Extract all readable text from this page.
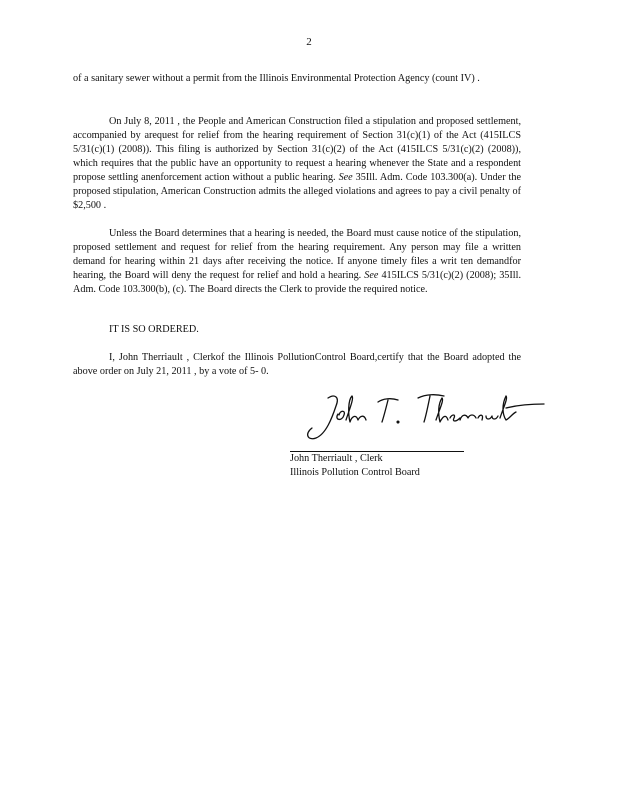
2

of a sanitary sewer without a permit from the Illinois Environmental Protection Agency (count IV) .

On July 8, 2011 , the People and American Construction filed a stipulation and proposed settlement, accompanied by arequest for relief from the hearing requirement of Section 31(c)(1) of the Act (415ILCS 5/31(c)(1) (2008)). This filing is authorized by Section 31(c)(2) of the Act (415ILCS 5/31(c)(2) (2008)), which requires that the public have an opportunity to request a hearing whenever the State and a respondent propose settling anenforcement action without a public hearing. See 35Ill. Adm. Code 103.300(a). Under the proposed stipulation, American Construction admits the alleged violations and agrees to pay a civil penalty of $2,500 .

Unless the Board determines that a hearing is needed, the Board must cause notice of the stipulation, proposed settlement and request for relief from the hearing requirement. Any person may file a written demand for hearing within 21 days after receiving the notice. If anyone timely files a writ ten demandfor hearing, the Board will deny the request for relief and hold a hearing. See 415ILCS 5/31(c)(2) (2008); 35Ill. Adm. Code 103.300(b), (c). The Board directs the Clerk to provide the required notice.

IT IS SO ORDERED.

I, John Therriault , Clerkof the Illinois PollutionControl Board,certify that the Board adopted the above order on July 21, 2011 , by a vote of 5- 0.

John Therriault , Clerk
Illinois Pollution Control Board
